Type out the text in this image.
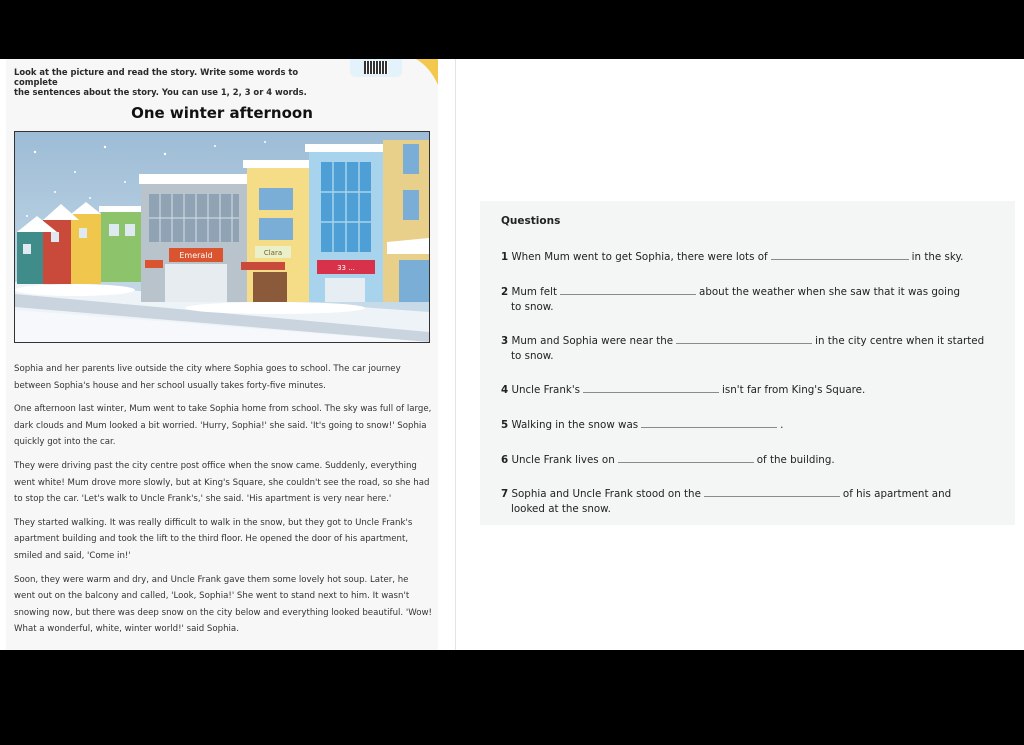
Look at the picture and read the story. Write some words to complete
the sentences about the story. You can use 1, 2, 3 or 4 words.
One winter afternoon
Emerald	Clara
33 ...

Sophia and her parents live outside the city where Sophia goes to school. The car journey between Sophia's house and her school usually takes forty-five minutes.

One afternoon last winter, Mum went to take Sophia home from school. The sky was full of large, dark clouds and Mum looked a bit worried. 'Hurry, Sophia!' she said. 'It's going to snow!' Sophia quickly got into the car.

They were driving past the city centre post office when the snow came. Suddenly, everything went white! Mum drove more slowly, but at King's Square, she couldn't see the road, so she had to stop the car. 'Let's walk to Uncle Frank's,' she said. 'His apartment is very near here.'

They started walking. It was really difficult to walk in the snow, but they got to Uncle Frank's apartment building and took the lift to the third floor. He opened the door of his apartment, smiled and said, 'Come in!'

Soon, they were warm and dry, and Uncle Frank gave them some lovely hot soup. Later, he went out on the balcony and called, 'Look, Sophia!' She went to stand next to him. It wasn't snowing now, but there was deep snow on the city below and everything looked beautiful. 'Wow! What a wonderful, white, winter world!' said Sophia.

Questions
1 When Mum went to get Sophia, there were lots of	in the sky.
2 Mum felt	about the weather when she saw that it was going
to snow.
3 Mum and Sophia were near the	in the city centre when it started
to snow.
4 Uncle Frank's	isn't far from King's Square.
5 Walking in the snow was	.
6 Uncle Frank lives on	of the building.
7 Sophia and Uncle Frank stood on the	of his apartment and
looked at the snow.
